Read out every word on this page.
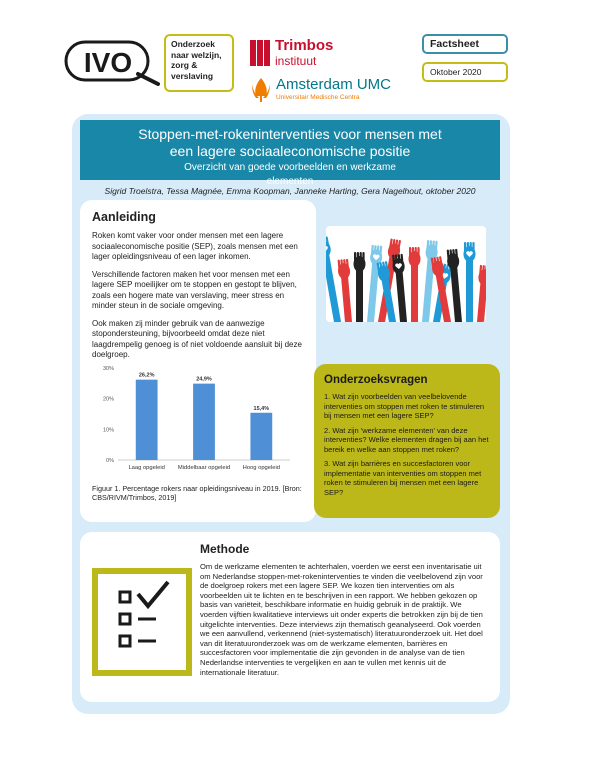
IVO
Onderzoek naar welzijn, zorg & verslaving
Trimbos
instituut
Amsterdam UMC
Universitair Medische Centra
Factsheet
Oktober 2020
Stoppen-met-rokeninterventies voor mensen met
een lagere sociaaleconomische positie
Overzicht van goede voorbeelden en werkzame
elementen
Sigrid Troelstra, Tessa Magnée, Emma Koopman, Janneke Harting, Gera Nagelhout, oktober 2020
Aanleiding

Roken komt vaker voor onder mensen met een lagere sociaaleconomische positie (SEP), zoals mensen met een lager opleidingsniveau of een lager inkomen.

Verschillende factoren maken het voor mensen met een lagere SEP moeilijker om te stoppen en gestopt te blijven, zoals een hogere mate van verslaving, meer stress en minder steun in de sociale omgeving.

Ook maken zij minder gebruik van de aanwezige stopondersteuning, bijvoorbeeld omdat deze niet laagdrempelig genoeg is of niet voldoende aansluit bij deze doelgroep.

0%
10%
20%
30%
26,2%
Laag opgeleid
24,9%
Middelbaar opgeleid
15,4%
Hoog opgeleid
Figuur 1. Percentage rokers naar opleidingsniveau in 2019. [Bron: CBS/RIVM/Trimbos, 2019]
Onderzoeksvragen

1. Wat zijn voorbeelden van veelbelovende interventies om stoppen met roken te stimuleren bij mensen met een lagere SEP?

2. Wat zijn 'werkzame elementen' van deze interventies? Welke elementen dragen bij aan het bereik en welke aan stoppen met roken?

3. Wat zijn barrières en succesfactoren voor implementatie van interventies om stoppen met roken te stimuleren bij mensen met een lagere SEP?

Methode
Om de werkzame elementen te achterhalen, voerden we eerst een inventarisatie uit om Nederlandse stoppen-met-rokeninterventies te vinden die veelbelovend zijn voor de doelgroep rokers met een lagere SEP. We kozen tien interventies om als voorbeelden uit te lichten en te beschrijven in een rapport. We hebben gekozen op basis van variëteit, beschikbare informatie en huidig gebruik in de praktijk. We voerden vijftien kwalitatieve interviews uit onder experts die betrokken zijn bij de tien uitgelichte interventies. Deze interviews zijn thematisch geanalyseerd. Ook voerden we een aanvullend, verkennend (niet-systematisch) literatuuronderzoek uit. Het doel van dit literatuuronderzoek was om de werkzame elementen, barrières en succesfactoren voor implementatie die zijn gevonden in de analyse van de tien Nederlandse interventies te vergelijken en aan te vullen met kennis uit de internationale literatuur.
